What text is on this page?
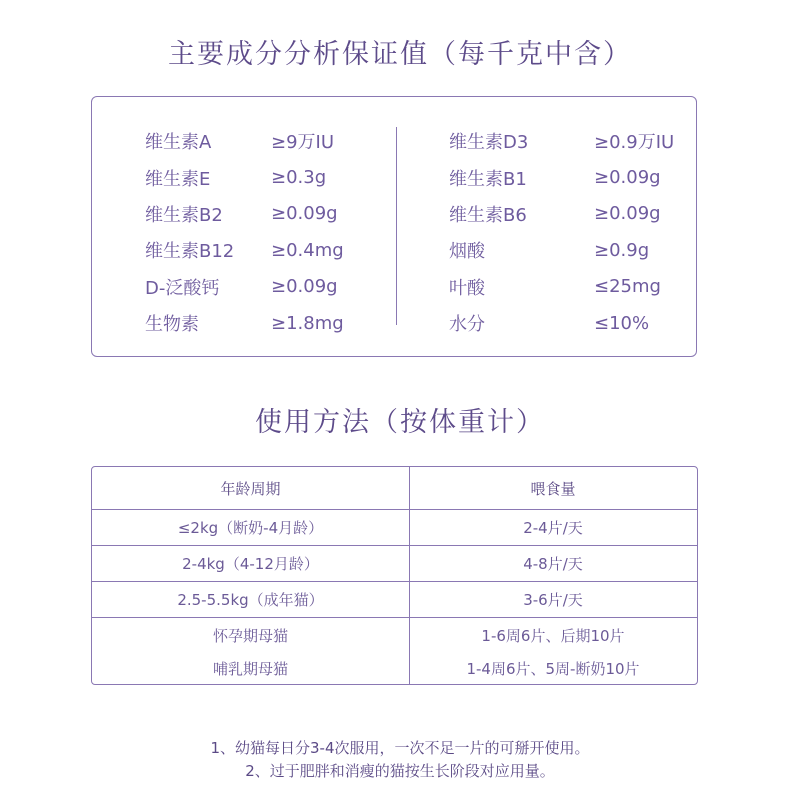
主要成分分析保证值（每千克中含）
维生素A	≥9万IU
维生素E	≥0.3g
维生素B2	≥0.09g
维生素B12	≥0.4mg
D-泛酸钙	≥0.09g
生物素	≥1.8mg
维生素D3	≥0.9万IU
维生素B1	≥0.09g
维生素B6	≥0.09g
烟酸	≥0.9g
叶酸	≤25mg
水分	≤10%
使用方法（按体重计）
年龄周期	喂食量
≤2kg（断奶-4月龄）	2-4片/天
2-4kg（4-12月龄）	4-8片/天
2.5-5.5kg（成年猫）	3-6片/天
怀孕期母猫	1-6周6片、后期10片
哺乳期母猫	1-4周6片、5周-断奶10片
1、幼猫每日分3-4次服用，一次不足一片的可掰开使用。
2、过于肥胖和消瘦的猫按生长阶段对应用量。
